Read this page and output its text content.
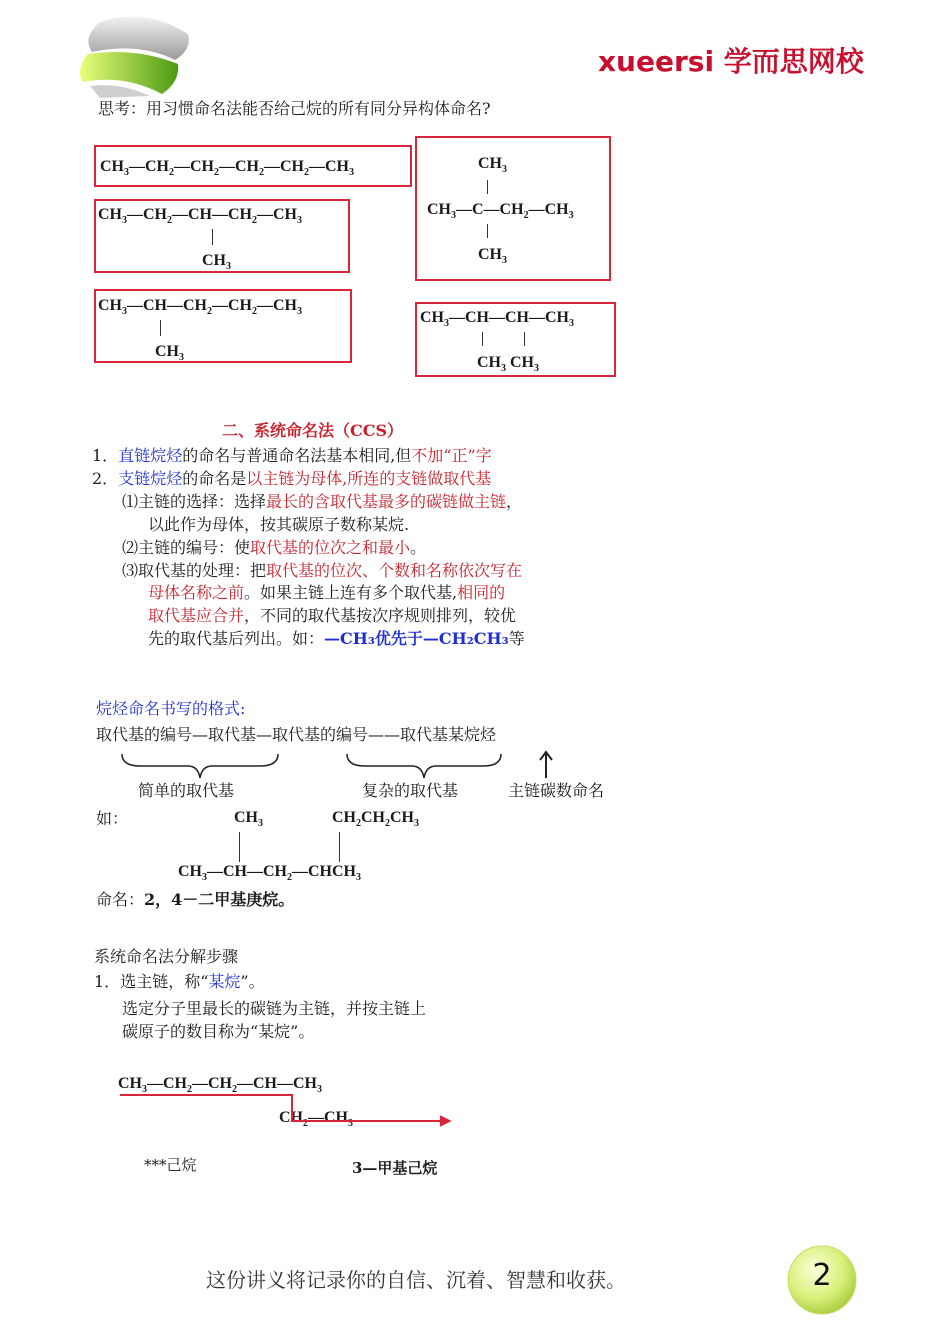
xueersi 学而思网校
思考：用习惯命名法能否给己烷的所有同分异构体命名?
$CH_3—CH_2—CH_2—CH_2—CH_2—CH_3$
$CH_3—CH_2—CH—CH_2—CH_3$
$CH_3$
$CH_3—CH—CH_2—CH_2—CH_3$
$CH_3$
$CH_3$
$CH_3—C—CH_2—CH_3$
$CH_3$
$CH_3—CH—CH—CH_3$
$CH_3$ $CH_3$
二、系统命名法（CCS）
1．直链烷烃的命名与普通命名法基本相同,但不加“正”字
2．支链烷烃的命名是以主链为母体,所连的支链做取代基
⑴主链的选择：选择最长的含取代基最多的碳链做主链，
以此作为母体，按其碳原子数称某烷.
⑵主链的编号：使取代基的位次之和最小。
⑶取代基的处理：把取代基的位次、个数和名称依次写在
母体名称之前。如果主链上连有多个取代基,相同的
取代基应合并，不同的取代基按次序规则排列，较优
先的取代基后列出。如：—CH₃优先于—CH₂CH₃等
烷烃命名书写的格式:
取代基的编号—取代基—取代基的编号——取代基某烷烃
简单的取代基	复杂的取代基	主链碳数命名
如：	$CH_3$	$CH_2CH_2CH_3$
$CH_3—CH—CH_2—CHCH_3$
命名：2，4－二甲基庚烷。
系统命名法分解步骤
1．选主链，称“某烷”。
选定分子里最长的碳链为主链，并按主链上
碳原子的数目称为“某烷”。
$CH_3—CH_2—CH_2—CH—CH_3$
$CH_2—CH_3$
***己烷	3—甲基己烷
这份讲义将记录你的自信、沉着、智慧和收获。	2
